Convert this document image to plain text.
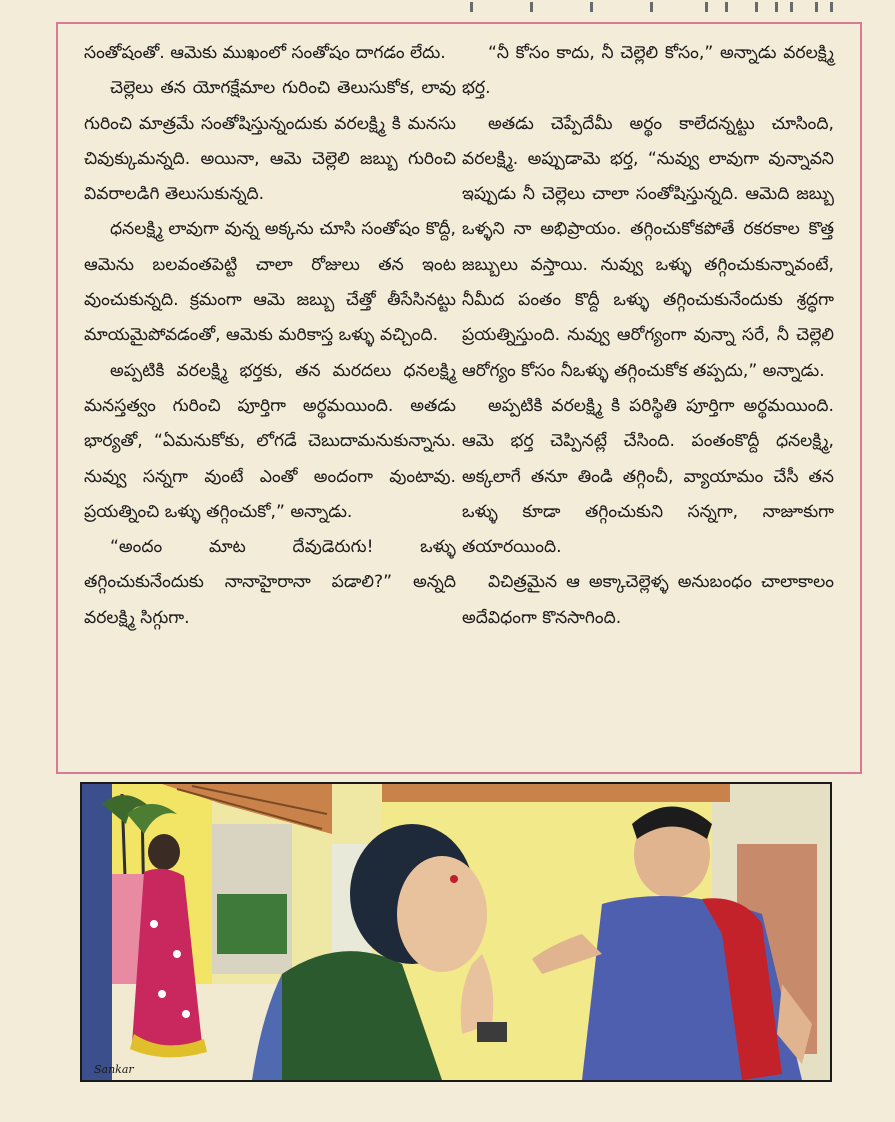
సంతోషంతో. ఆమెకు ముఖంలో సంతోషం దాగడం లేదు.

చెల్లెలు తన యోగక్షేమాల గురించి తెలుసుకోక, లావు గురించి మాత్రమే సంతోషిస్తున్నందుకు వరలక్ష్మి కి మనసు చివుక్కుమన్నది. అయినా, ఆమె చెల్లెలి జబ్బు గురించి వివరాలడిగి తెలుసుకున్నది.

ధనలక్ష్మి లావుగా వున్న అక్కను చూసి సంతోషం కొద్దీ, ఆమెను బలవంతపెట్టి చాలా రోజులు తన ఇంట వుంచుకున్నది. క్రమంగా ఆమె జబ్బు చేత్తో తీసేసినట్టు మాయమైపోవడంతో, ఆమెకు మరికాస్త ఒళ్ళు వచ్చింది.

అప్పటికి వరలక్ష్మి భర్తకు, తన మరదలు ధనలక్ష్మి మనస్తత్వం గురించి పూర్తిగా అర్థమయింది. అతడు భార్యతో, “ఏమనుకోకు, లోగడే చెబుదామనుకున్నాను. నువ్వు సన్నగా వుంటే ఎంతో అందంగా వుంటావు. ప్రయత్నించి ఒళ్ళు తగ్గించుకో,” అన్నాడు.

“అందం మాట దేవుడెరుగు! ఒళ్ళు తగ్గించుకునేందుకు నానాహైరానా పడాలి?” అన్నది వరలక్ష్మి సిగ్గుగా.

“నీ కోసం కాదు, నీ చెల్లెలి కోసం,” అన్నాడు వరలక్ష్మి భర్త.

అతడు చెప్పేదేమీ అర్థం కాలేదన్నట్టు చూసింది, వరలక్ష్మి. అప్పుడామె భర్త, “నువ్వు లావుగా వున్నావని ఇప్పుడు నీ చెల్లెలు చాలా సంతోషిస్తున్నది. ఆమెది జబ్బు ఒళ్ళని నా అభిప్రాయం. తగ్గించుకోకపోతే రకరకాల కొత్త జబ్బులు వస్తాయి. నువ్వు ఒళ్ళు తగ్గించుకున్నావంటే, నీమీద పంతం కొద్దీ ఒళ్ళు తగ్గించుకునేందుకు శ్రద్ధగా ప్రయత్నిస్తుంది. నువ్వు ఆరోగ్యంగా వున్నా సరే, నీ చెల్లెలి ఆరోగ్యం కోసం నీఒళ్ళు తగ్గించుకోక తప్పదు,” అన్నాడు.

అప్పటికి వరలక్ష్మి కి పరిస్థితి పూర్తిగా అర్థమయింది. ఆమె భర్త చెప్పినట్లే చేసింది. పంతంకొద్దీ ధనలక్ష్మి, అక్కలాగే తనూ తిండి తగ్గించీ, వ్యాయామం చేసీ తన ఒళ్ళు కూడా తగ్గించుకుని సన్నగా, నాజూకుగా తయారయింది.

విచిత్రమైన ఆ అక్కాచెల్లెళ్ళ అనుబంధం చాలాకాలం అదేవిధంగా కొనసాగింది.

Sankar
